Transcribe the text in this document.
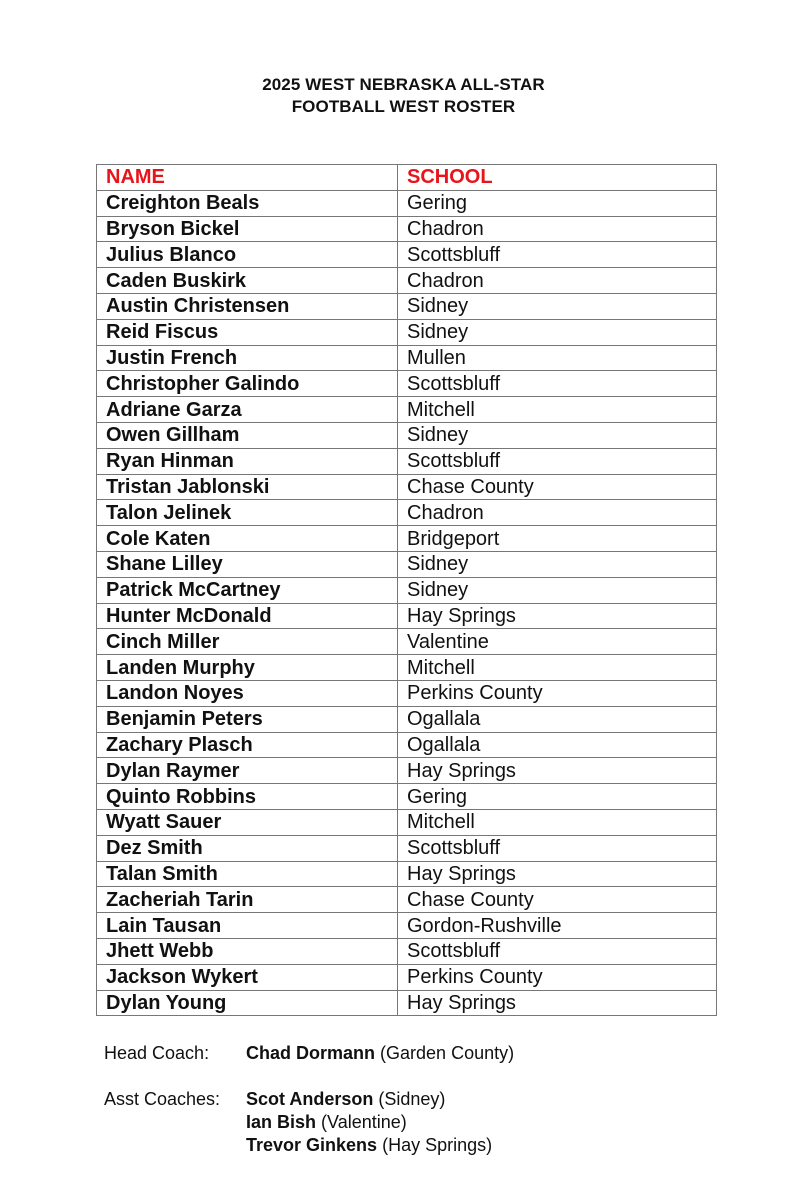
2025 WEST NEBRASKA ALL-STAR
FOOTBALL WEST ROSTER
NAME	SCHOOL
Creighton Beals	Gering
Bryson Bickel	Chadron
Julius Blanco	Scottsbluff
Caden Buskirk	Chadron
Austin Christensen	Sidney
Reid Fiscus	Sidney
Justin French	Mullen
Christopher Galindo	Scottsbluff
Adriane Garza	Mitchell
Owen Gillham	Sidney
Ryan Hinman	Scottsbluff
Tristan Jablonski	Chase County
Talon Jelinek	Chadron
Cole Katen	Bridgeport
Shane Lilley	Sidney
Patrick McCartney	Sidney
Hunter McDonald	Hay Springs
Cinch Miller	Valentine
Landen Murphy	Mitchell
Landon Noyes	Perkins County
Benjamin Peters	Ogallala
Zachary Plasch	Ogallala
Dylan Raymer	Hay Springs
Quinto Robbins	Gering
Wyatt Sauer	Mitchell
Dez Smith	Scottsbluff
Talan Smith	Hay Springs
Zacheriah Tarin	Chase County
Lain Tausan	Gordon-Rushville
Jhett Webb	Scottsbluff
Jackson Wykert	Perkins County
Dylan Young	Hay Springs
Head Coach: Chad Dormann (Garden County)
Asst Coaches: Scot Anderson (Sidney)
Ian Bish (Valentine)
Trevor Ginkens (Hay Springs)
